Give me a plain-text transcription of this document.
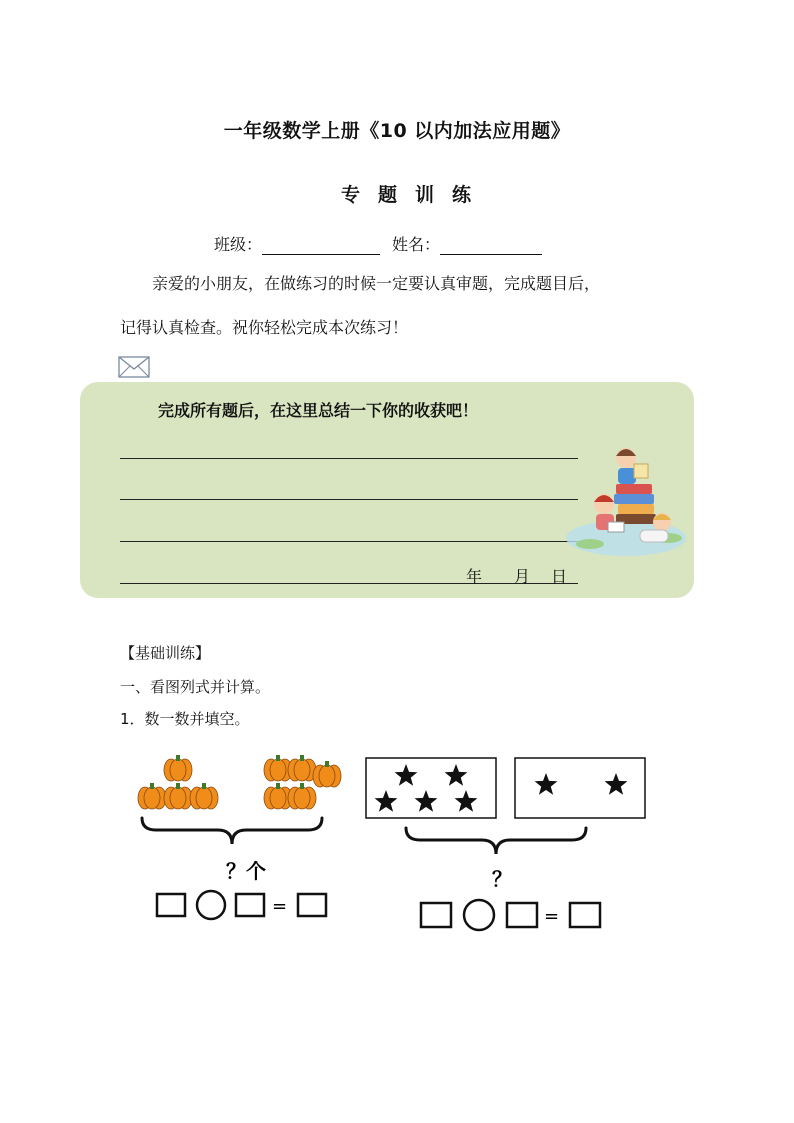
一年级数学上册《10 以内加法应用题》
专题训练
班级：	姓名：
亲爱的小朋友，在做练习的时候一定要认真审题，完成题目后，
记得认真检查。祝你轻松完成本次练习！
完成所有题后，在这里总结一下你的收获吧！
年 月 日
【基础训练】
一、看图列式并计算。
1．数一数并填空。
？个
=
？
=
